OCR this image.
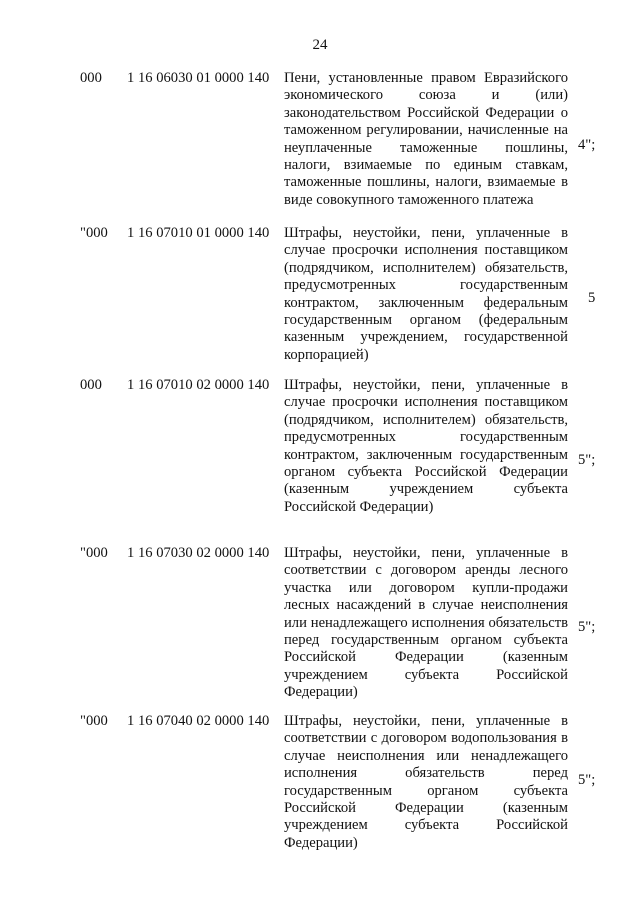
24
000 1 16 06030 01 0000 140 Пени, установленные правом Евразийского экономического союза и (или) законодательством Российской Федерации о таможенном регулировании, начисленные на неуплаченные таможенные пошлины, налоги, взимаемые по единым ставкам, таможенные пошлины, налоги, взимаемые в виде совокупного таможенного платежа
4";
"000 1 16 07010 01 0000 140 Штрафы, неустойки, пени, уплаченные в случае просрочки исполнения поставщиком (подрядчиком, исполнителем) обязательств, предусмотренных государственным контрактом, заключенным федеральным государственным органом (федеральным казенным учреждением, государственной корпорацией)
5
000 1 16 07010 02 0000 140 Штрафы, неустойки, пени, уплаченные в случае просрочки исполнения поставщиком (подрядчиком, исполнителем) обязательств, предусмотренных государственным контрактом, заключенным государственным органом субъекта Российской Федерации (казенным учреждением субъекта Российской Федерации)
5";
"000 1 16 07030 02 0000 140 Штрафы, неустойки, пени, уплаченные в соответствии с договором аренды лесного участка или договором купли-продажи лесных насаждений в случае неисполнения или ненадлежащего исполнения обязательств перед государственным органом субъекта Российской Федерации (казенным учреждением субъекта Российской Федерации)
5";
"000 1 16 07040 02 0000 140 Штрафы, неустойки, пени, уплаченные в соответствии с договором водопользования в случае неисполнения или ненадлежащего исполнения обязательств перед государственным органом субъекта Российской Федерации (казенным учреждением субъекта Российской Федерации)
5";
